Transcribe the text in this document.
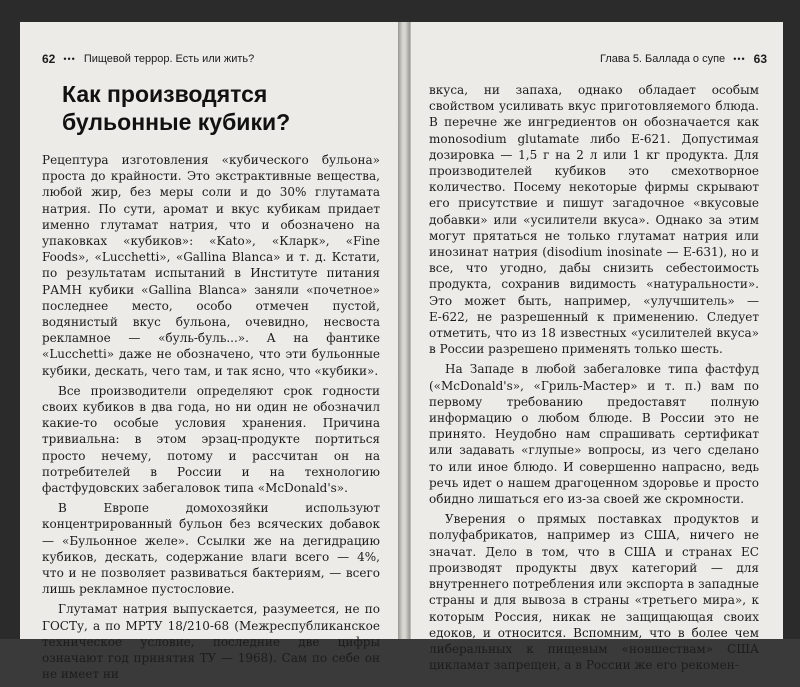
62 ••• Пищевой террор. Есть или жить?
Как производятся бульонные кубики?

Рецептура изготовления «кубического бульона» проста до крайности. Это экстрактивные вещества, любой жир, без меры соли и до 30% глутамата натрия. По сути, аромат и вкус кубикам придает именно глутамат натрия, что и обозначено на упаковках «кубиков»: «Kato», «Кларк», «Fine Foods», «Lucchetti», «Gallina Blanca» и т. д. Кстати, по результатам испытаний в Институте питания РАМН кубики «Gallina Blanca» заняли «почетное» последнее место, особо отмечен пустой, водянистый вкус бульона, очевидно, несвоста рекламное — «буль-буль...». А на фантике «Lucchetti» даже не обозначено, что эти бульонные кубики, дескать, чего там, и так ясно, что «кубики».

Все производители определяют срок годности своих кубиков в два года, но ни один не обозначил какие-то особые условия хранения. Причина тривиальна: в этом эрзац-продукте портиться просто нечему, потому и рассчитан он на потребителей в России и на технологию фастфудовских забегаловок типа «McDonald's».

В Европе домохозяйки используют концентрированный бульон без всяческих добавок — «Бульонное желе». Ссылки же на дегидрацию кубиков, дескать, содержание влаги всего — 4%, что и не позволяет развиваться бактериям, — всего лишь рекламное пустословие.

Глутамат натрия выпускается, разумеется, не по ГОСТу, а по МРТУ 18/210-68 (Межреспубликанское техническое условие, последние две цифры означают год принятия ТУ — 1968). Сам по себе он не имеет ни

Глава 5. Баллада о супе ••• 63

вкуса, ни запаха, однако обладает особым свойством усиливать вкус приготовляемого блюда. В перечне же ингредиентов он обозначается как monosodium glutamate либо Е-621. Допустимая дозировка — 1,5 г на 2 л или 1 кг продукта. Для производителей кубиков это смехотворное количество. Посему некоторые фирмы скрывают его присутствие и пишут загадочное «вкусовые добавки» или «усилители вкуса». Однако за этим могут прятаться не только глутамат натрия или инозинат натрия (disodium inosinate — Е-631), но и все, что угодно, дабы снизить себестоимость продукта, сохранив видимость «натуральности». Это может быть, например, «улучшитель» — Е-622, не разрешенный к применению. Следует отметить, что из 18 известных «усилителей вкуса» в России разрешено применять только шесть.

На Западе в любой забегаловке типа фастфуд («McDonald's», «Гриль-Мастер» и т. п.) вам по первому требованию предоставят полную информацию о любом блюде. В России это не принято. Неудобно нам спрашивать сертификат или задавать «глупые» вопросы, из чего сделано то или иное блюдо. И совершенно напрасно, ведь речь идет о нашем драгоценном здоровье и просто обидно лишаться его из-за своей же скромности.

Уверения о прямых поставках продуктов и полуфабрикатов, например из США, ничего не значат. Дело в том, что в США и странах ЕС производят продукты двух категорий — для внутреннего потребления или экспорта в западные страны и для вывоза в страны «третьего мира», к которым Россия, никак не защищающая своих едоков, и относится. Вспомним, что в более чем либеральных к пищевым «новшествам» США цикламат запрещен, а в России же его рекомен-
